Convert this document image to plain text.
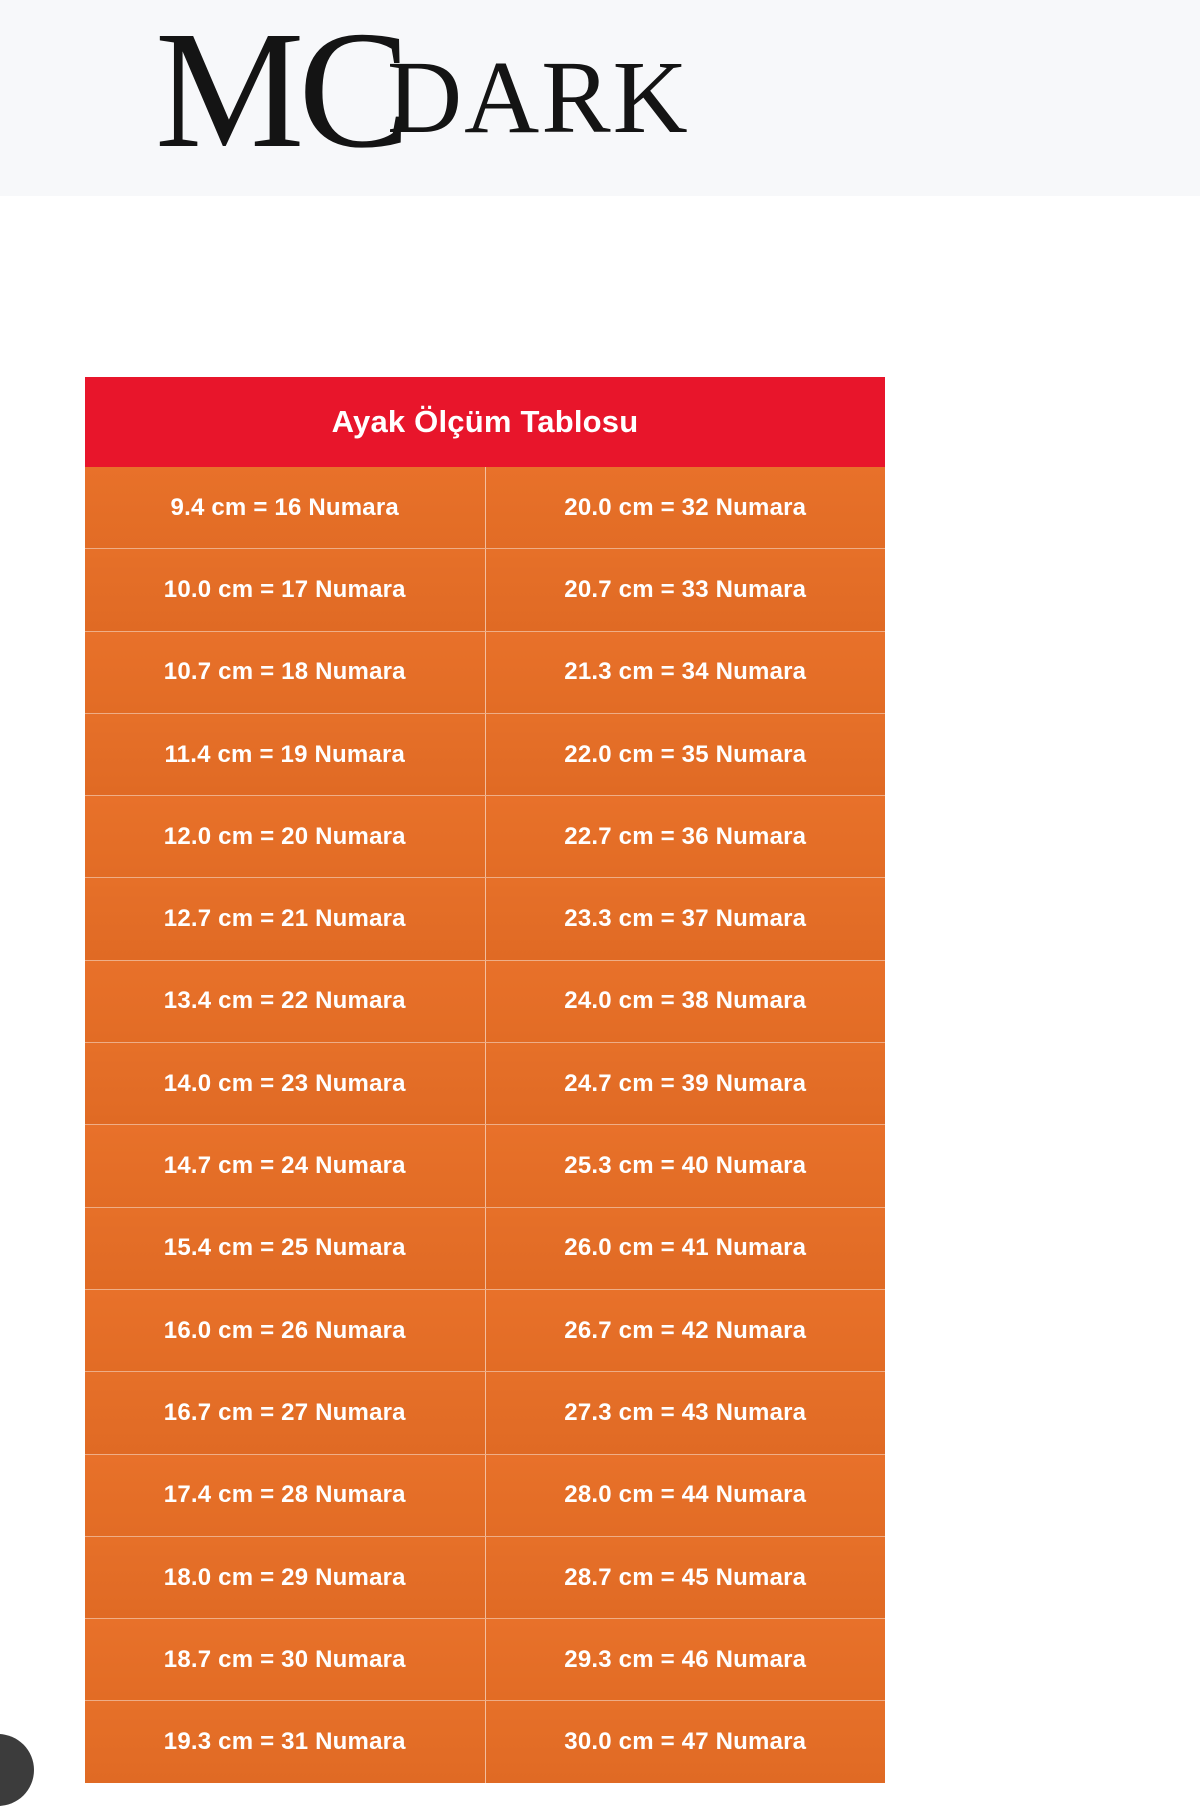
MC
DARK
Ayak Ölçüm Tablosu
9.4 cm = 16 Numara	20.0 cm = 32 Numara
10.0 cm = 17 Numara	20.7 cm = 33 Numara
10.7 cm = 18 Numara	21.3 cm = 34 Numara
11.4 cm = 19 Numara	22.0 cm = 35 Numara
12.0 cm = 20 Numara	22.7 cm = 36 Numara
12.7 cm = 21 Numara	23.3 cm = 37 Numara
13.4 cm = 22 Numara	24.0 cm = 38 Numara
14.0 cm = 23 Numara	24.7 cm = 39 Numara
14.7 cm = 24 Numara	25.3 cm = 40 Numara
15.4 cm = 25 Numara	26.0 cm = 41 Numara
16.0 cm = 26 Numara	26.7 cm = 42 Numara
16.7 cm = 27 Numara	27.3 cm = 43 Numara
17.4 cm = 28 Numara	28.0 cm = 44 Numara
18.0 cm = 29 Numara	28.7 cm = 45 Numara
18.7 cm = 30 Numara	29.3 cm = 46 Numara
19.3 cm = 31 Numara	30.0 cm = 47 Numara
